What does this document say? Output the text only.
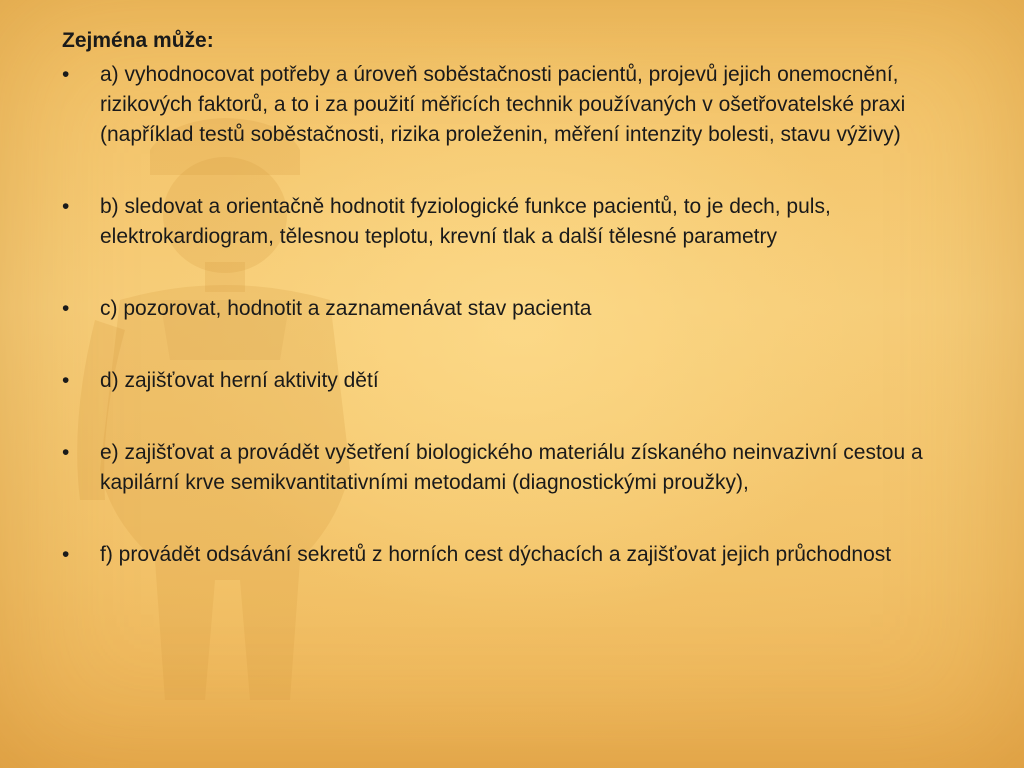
Zejména může:
•	a) vyhodnocovat potřeby a úroveň soběstačnosti pacientů, projevů jejich onemocnění, rizikových faktorů, a to i za použití měřicích technik používaných v ošetřovatelské praxi (například testů soběstačnosti, rizika proleženin, měření intenzity bolesti, stavu výživy)
•	b) sledovat a orientačně hodnotit fyziologické funkce pacientů, to je dech, puls, elektrokardiogram, tělesnou teplotu, krevní tlak a další tělesné parametry
•	c) pozorovat, hodnotit a zaznamenávat stav pacienta
•	d) zajišťovat herní aktivity dětí
•	e) zajišťovat a provádět vyšetření biologického materiálu získaného neinvazivní cestou a kapilární krve semikvantitativními metodami (diagnostickými proužky),
•	f) provádět odsávání sekretů z horních cest dýchacích a zajišťovat jejich průchodnost
